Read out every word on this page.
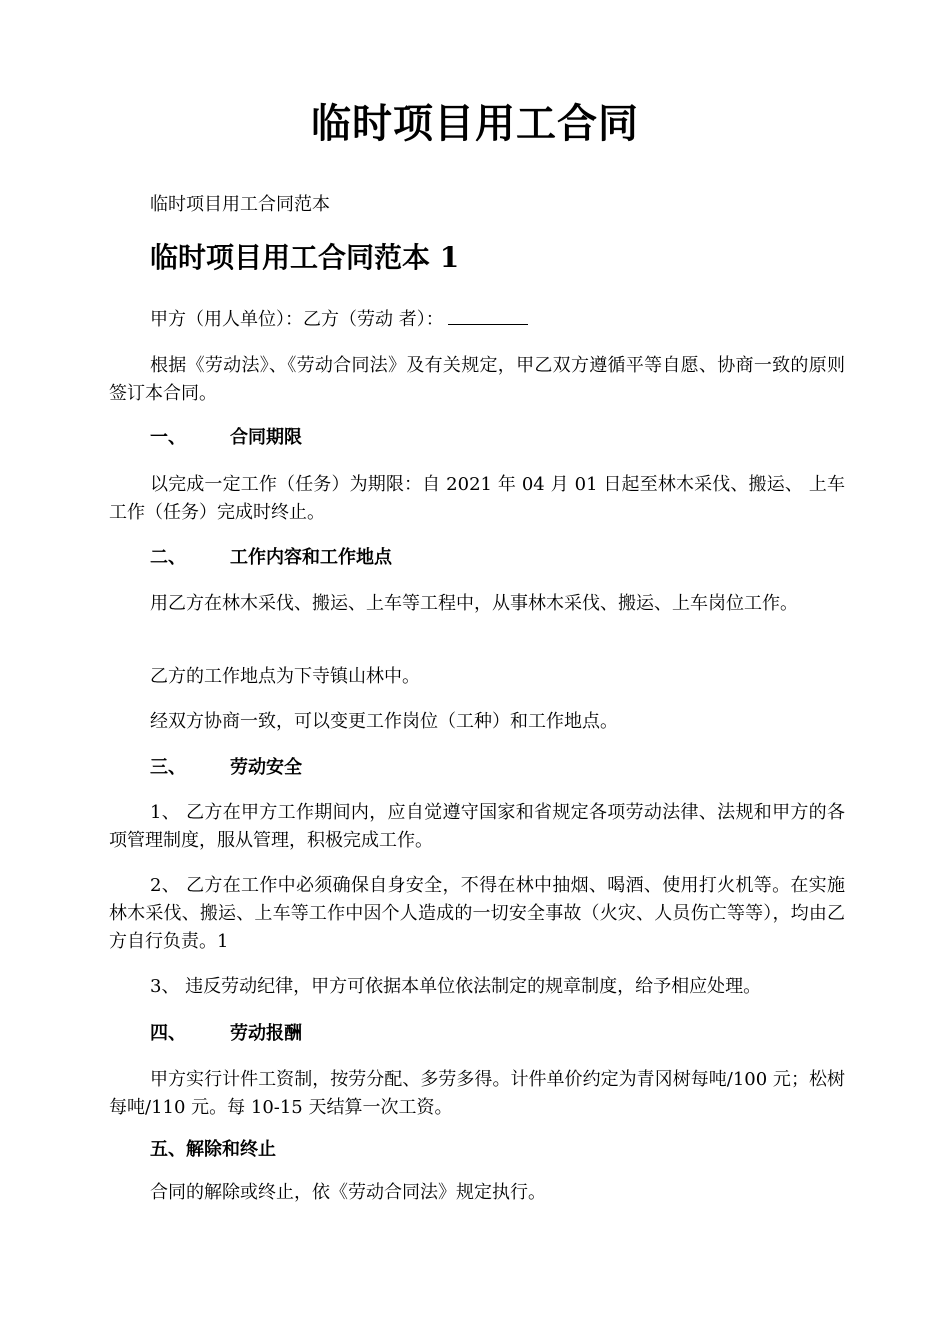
临时项目用工合同
临时项目用工合同范本
临时项目用工合同范本 1
甲方（用人单位）：乙方（劳动 者）：
根据《劳动法》、《劳动合同法》及有关规定，甲乙双方遵循平等自愿、协商一致的原则签订本合同。
一、 合同期限
以完成一定工作（任务）为期限：自 2021 年 04 月 01 日起至林木采伐、搬运、 上车工作（任务）完成时终止。
二、 工作内容和工作地点
用乙方在林木采伐、搬运、上车等工程中，从事林木采伐、搬运、上车岗位工作。
乙方的工作地点为下寺镇山林中。
经双方协商一致，可以变更工作岗位（工种）和工作地点。
三、 劳动安全
1、 乙方在甲方工作期间内，应自觉遵守国家和省规定各项劳动法律、法规和甲方的各项管理制度，服从管理，积极完成工作。
2、 乙方在工作中必须确保自身安全，不得在林中抽烟、喝酒、使用打火机等。在实施林木采伐、搬运、上车等工作中因个人造成的一切安全事故（火灾、人员伤亡等等），均由乙方自行负责。1
3、 违反劳动纪律，甲方可依据本单位依法制定的规章制度，给予相应处理。
四、 劳动报酬
甲方实行计件工资制，按劳分配、多劳多得。计件单价约定为青冈树每吨/100 元；松树每吨/110 元。每 10-15 天结算一次工资。
五、解除和终止
合同的解除或终止，依《劳动合同法》规定执行。
